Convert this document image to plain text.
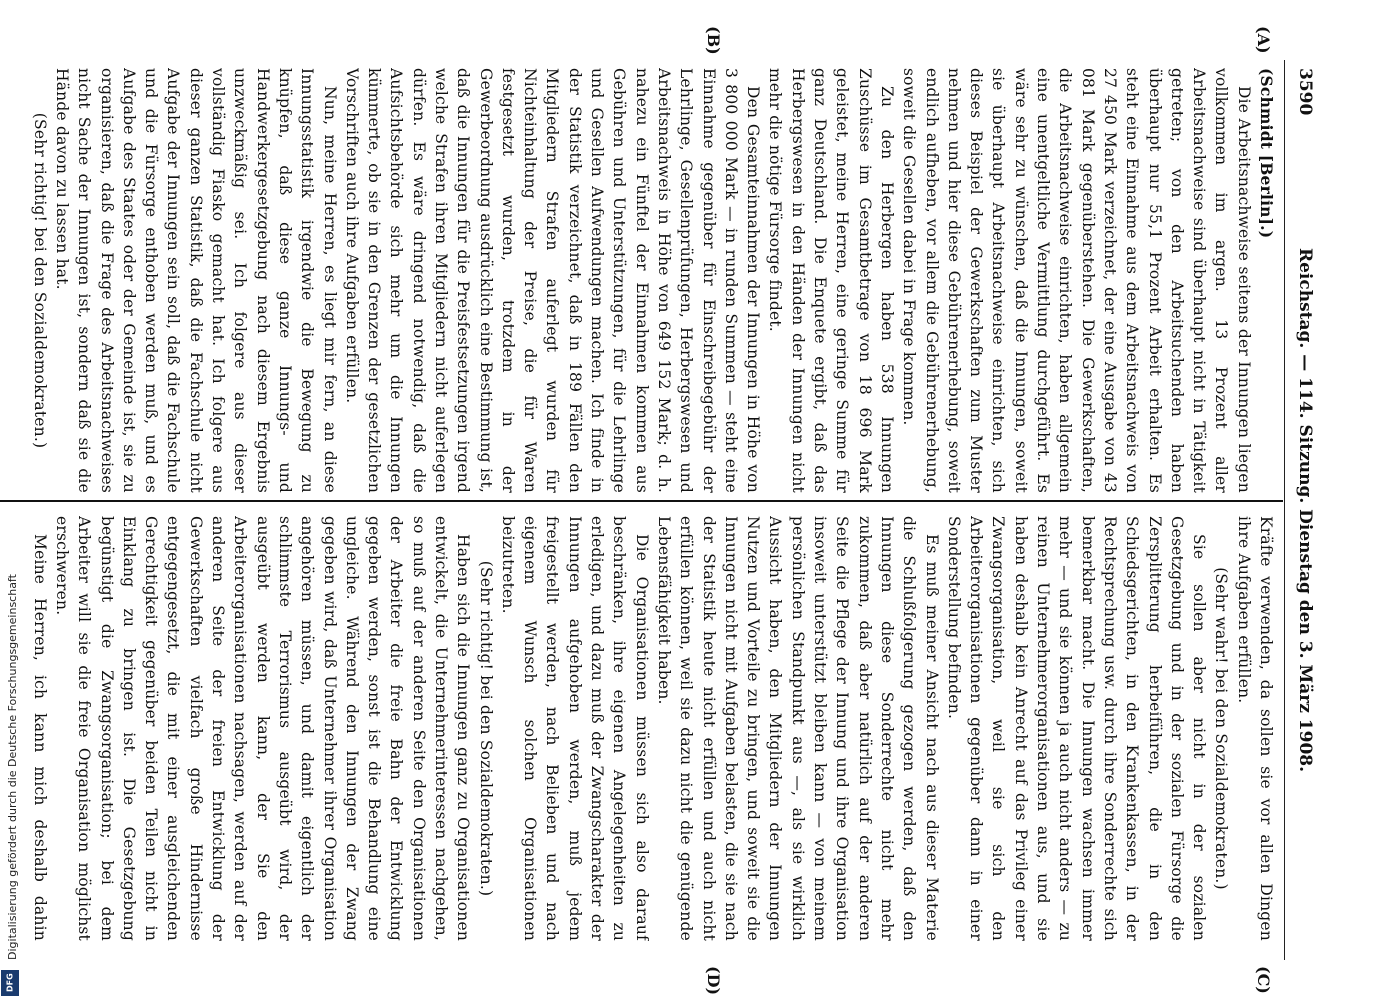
3590
Reichstag. — 114. Sitzung. Dienstag den 3. März 1908.
(A)
(B)
(C)
(D)

(Schmidt [Berlin].)

Die Arbeitsnachweise seitens der Innungen liegen vollkommen im argen. 13 Prozent aller Arbeitsnachweise sind überhaupt nicht in Tätigkeit getreten; von den Arbeitsuchenden haben überhaupt nur 55,1 Prozent Arbeit erhalten. Es steht eine Einnahme aus dem Arbeitsnachweis von 27 450 Mark verzeichnet, der eine Ausgabe von 43 081 Mark gegenüberstehen. Die Gewerkschaften, die Arbeitsnachweise einrichten, haben allgemein eine unentgeltliche Vermittlung durchgeführt. Es wäre sehr zu wünschen, daß die Innungen, soweit sie überhaupt Arbeitsnachweise einrichten, sich dieses Beispiel der Gewerkschaften zum Muster nehmen und hier diese Gebührenerhebung, soweit endlich aufheben, vor allem die Gebührenerhebung, soweit die Gesellen dabei in Frage kommen.

Zu den Herbergen haben 538 Innungen Zuschüsse im Gesamtbetrage von 18 696 Mark geleistet, meine Herren, eine geringe Summe für ganz Deutschland. Die Enquete ergibt, daß das Herbergswesen in den Händen der Innungen nicht mehr die nötige Fürsorge findet.

Den Gesamteinnahmen der Innungen in Höhe von 3 800 000 Mark — in runden Summen — steht eine Einnahme gegenüber für Einschreibegebühr der Lehrlinge, Gesellenprüfungen, Herbergswesen und Arbeitsnachweis in Höhe von 649 152 Mark; d. h. nahezu ein Fünftel der Einnahmen kommen aus Gebühren und Unterstützungen, für die Lehrlinge und Gesellen Aufwendungen machen. Ich finde in der Statistik verzeichnet, daß in 189 Fällen den Mitgliedern Strafen auferlegt wurden für Nichteinhaltung der Preise, die für Waren festgesetzt wurden, trotzdem in der Gewerbeordnung ausdrücklich eine Bestimmung ist, daß die Innungen für die Preisfestsetzungen irgend welche Strafen ihren Mitgliedern nicht auferlegen dürfen. Es wäre dringend notwendig, daß die Aufsichtsbehörde sich mehr um die Innungen kümmerte, ob sie in den Grenzen der gesetzlichen Vorschriften auch ihre Aufgaben erfüllen.

Nun, meine Herren, es liegt mir fern, an diese Innungsstatistik irgendwie die Bewegung zu knüpfen, daß diese ganze Innungs- und Handwerkergesetzgebung nach diesem Ergebnis unzweckmäßig sei. Ich folgere aus dieser vollständig Fiasko gemacht hat. Ich folgere aus dieser ganzen Statistik, daß die Fachschule nicht Aufgabe der Innungen sein soll, daß die Fachschule und die Fürsorge enthoben werden muß, und es Aufgabe des Staates oder der Gemeinde ist, sie zu organisieren, daß die Frage des Arbeitsnachweises nicht Sache der Innungen ist, sondern daß sie die Hände davon zu lassen hat.

(Sehr richtig! bei den Sozialdemokraten.)

Kräfte verwenden, da sollen sie vor allen Dingen ihre Aufgaben erfüllen.

(Sehr wahr! bei den Sozialdemokraten.)

Sie sollen aber nicht in der sozialen Gesetzgebung und in der sozialen Fürsorge die Zersplitterung herbeiführen, die in den Schiedsgerichten, in den Krankenkassen, in der Rechtsprechung usw. durch ihre Sonderrechte sich bemerkbar macht. Die Innungen wachsen immer mehr — und sie können ja auch nicht anders — zu reinen Unternehmerorganisationen aus, und sie haben deshalb kein Anrecht auf das Privileg einer Zwangsorganisation, weil sie sich den Arbeiterorganisationen gegenüber dann in einer Sonderstellung befinden.

Es muß meiner Ansicht nach aus dieser Materie die Schlußfolgerung gezogen werden, daß den Innungen diese Sonderrechte nicht mehr zukommen, daß aber natürlich auf der anderen Seite die Pflege der Innung und ihre Organisation insoweit unterstützt bleiben kann — von meinem persönlichen Standpunkt aus —, als sie wirklich Aussicht haben, den Mitgliedern der Innungen Nutzen und Vorteile zu bringen, und soweit sie die Innungen nicht mit Aufgaben belasten, die sie nach der Statistik heute nicht erfüllen und auch nicht erfüllen können, weil sie dazu nicht die genügende Lebensfähigkeit haben.

Die Organisationen müssen sich also darauf beschränken, ihre eigenen Angelegenheiten zu erledigen, und dazu muß der Zwangscharakter der Innungen aufgehoben werden, muß jedem freigestellt werden, nach Belieben und nach eigenem Wunsch solchen Organisationen beizutreten.

(Sehr richtig! bei den Sozialdemokraten.)

Haben sich die Innungen ganz zu Organisationen entwickelt, die Unternehmerinteressen nachgehen, so muß auf der anderen Seite den Organisationen der Arbeiter die freie Bahn der Entwicklung gegeben werden, sonst ist die Behandlung eine ungleiche. Während den Innungen der Zwang gegeben wird, daß Unternehmer ihrer Organisation angehören müssen, und damit eigentlich der schlimmste Terrorismus ausgeübt wird, der ausgeübt werden kann, der Sie den Arbeiterorganisationen nachsagen, werden auf der anderen Seite der freien Entwicklung der Gewerkschaften vielfach große Hindernisse entgegengesetzt, die mit einer ausgleichenden Gerechtigkeit gegenüber beiden Teilen nicht in Einklang zu bringen ist. Die Gesetzgebung begünstigt die Zwangsorganisation; bei dem Arbeiter will sie die freie Organisation möglichst erschweren.

Meine Herren, ich kann mich deshalb dahin

Digitalisierung gefördert durch die Deutsche Forschungsgemeinschaft
DFG
